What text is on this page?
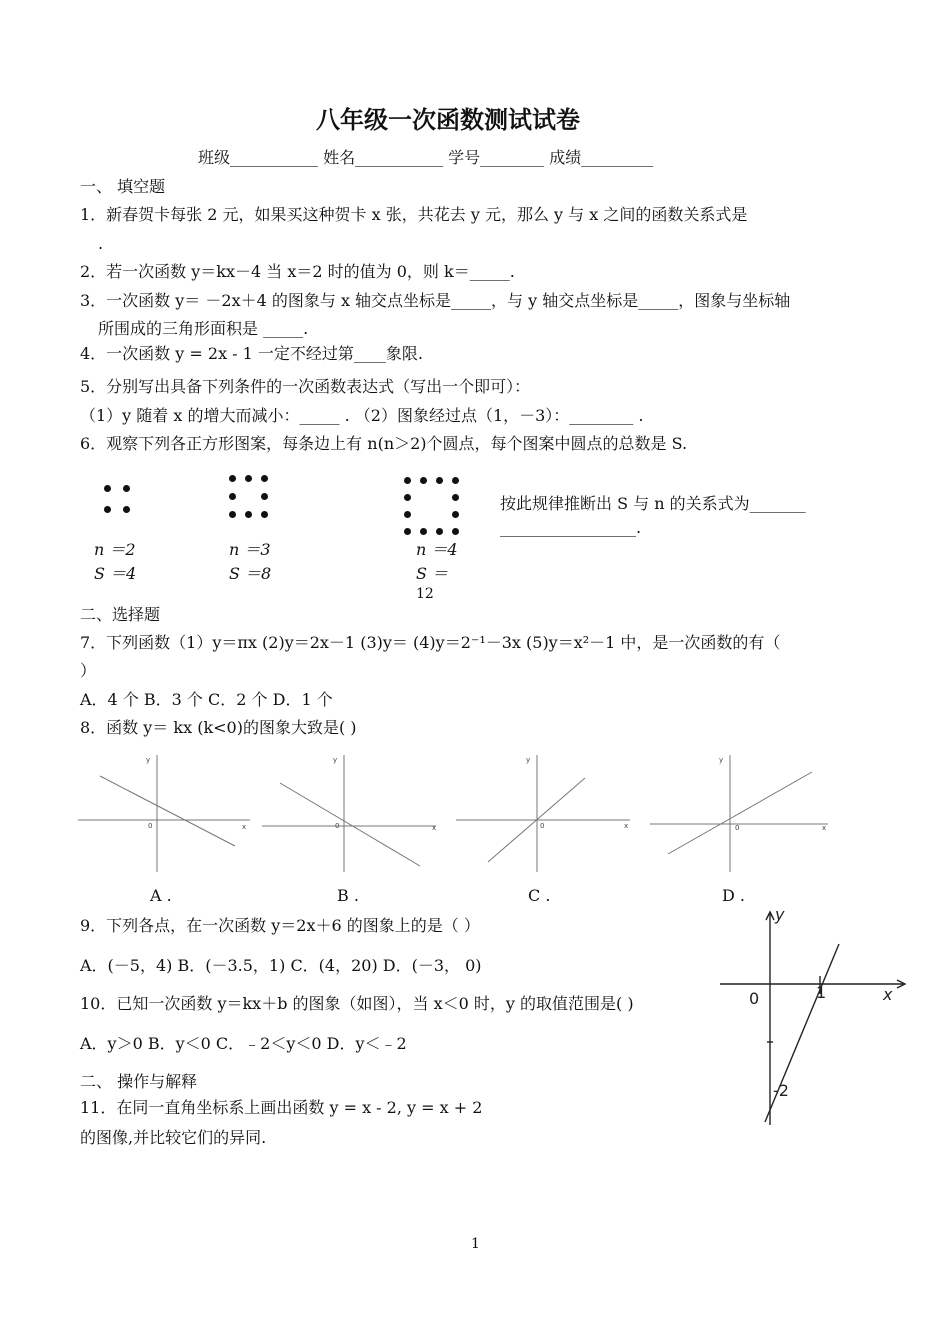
八年级一次函数测试试卷
班级___________ 姓名___________ 学号________ 成绩_________
一、 填空题
1．新春贺卡每张 2 元，如果买这种贺卡 x 张，共花去 y 元，那么 y 与 x 之间的函数关系式是
.
2．若一次函数 y＝kx－4 当 x＝2 时的值为 0，则 k＝_____.
3．一次函数 y＝ －2x＋4 的图象与 x 轴交点坐标是_____，与 y 轴交点坐标是_____，图象与坐标轴
所围成的三角形面积是 _____.
4．一次函数 y = 2x - 1 一定不经过第____象限.
5．分别写出具备下列条件的一次函数表达式（写出一个即可）：
（1）y 随着 x 的增大而减小：_____ . （2）图象经过点（1，－3）：________ .
6．观察下列各正方形图案，每条边上有 n(n＞2)个圆点，每个图案中圆点的总数是 S.
n ＝2
S ＝4
n ＝3
S ＝8
n ＝4
S ＝
12
按此规律推断出 S 与 n 的关系式为_______
_________________.
二、选择题
7．下列函数（1）y＝πx (2)y＝2x－1 (3)y＝ (4)y＝2⁻¹－3x (5)y＝x²－1 中，是一次函数的有（
）
A．4 个 B．3 个 C．2 个 D．1 个
8．函数 y＝ kx (k<0)的图象大致是( )
y
0	x
y
0	x
y
0	x
y
0	x
A .	B .	C .	D .
9．下列各点，在一次函数 y＝2x＋6 的图象上的是（ ）
A．(－5，4) B．(－3.5，1) C．(4，20) D．(－3， 0)
10．已知一次函数 y＝kx＋b 的图象（如图），当 x＜0 时，y 的取值范围是( )
A．y＞0 B．y＜0 C．﹣2＜y＜0 D．y＜﹣2
y
x
0	1
-2
二、 操作与解释
11．在同一直角坐标系上画出函数 y = x - 2, y = x + 2
的图像,并比较它们的异同.
1
